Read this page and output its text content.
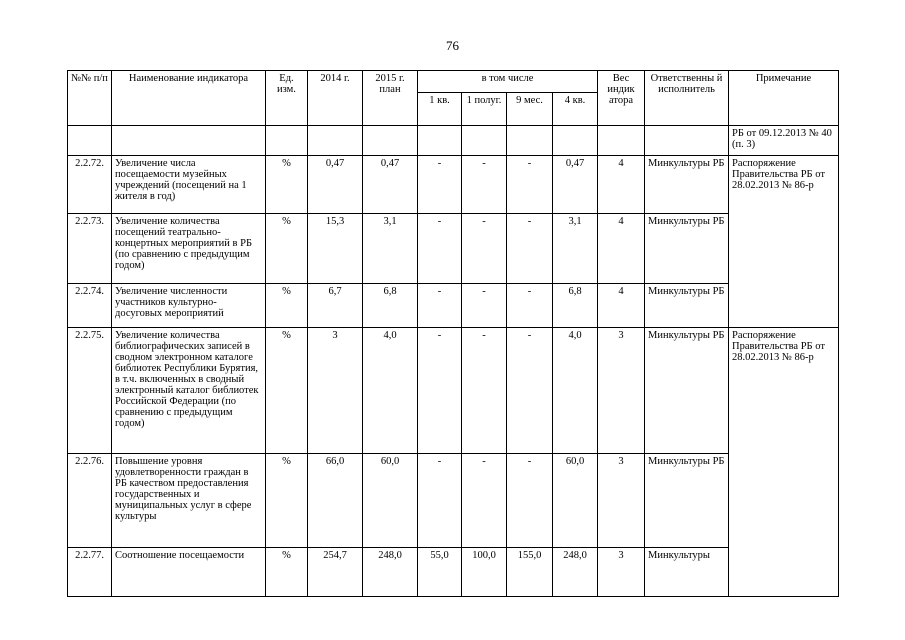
76
№№ п/п	Наименование индикатора	Ед. изм.	2014 г.	2015 г. план	в том числе				Вес индик атора	Ответственны й исполнитель	Примечание	
					1 кв.	1 полуг.	9 мес.	4 кв.				
											РБ от 09.12.2013 № 40 (п. 3)	
2.2.72.	Увеличение числа посещаемости музейных учреждений (посещений на 1 жителя в год)	%	0,47	0,47	-	-	-	0,47	4	Минкультуры РБ	Распоряжение Правительства РБ от 28.02.2013 № 86-р	
2.2.73.	Увеличение количества посещений театрально-концертных мероприятий в РБ (по сравнению с предыдущим годом)	%	15,3	3,1	-	-	-	3,1	4	Минкультуры РБ		
2.2.74.	Увеличение численности участников культурно-досуговых мероприятий	%	6,7	6,8	-	-	-	6,8	4	Минкультуры РБ		
2.2.75.	Увеличение количества библиографических записей в сводном электронном каталоге библиотек Республики Бурятия, в т.ч. включенных в сводный электронный каталог библиотек Российской Федерации (по сравнению с предыдущим годом)	%	3	4,0	-	-	-	4,0	3	Минкультуры РБ	Распоряжение Правительства РБ от 28.02.2013 № 86-р	
2.2.76.	Повышение уровня удовлетворенности граждан в РБ качеством предоставления государственных и муниципальных услуг в сфере культуры	%	66,0	60,0	-	-	-	60,0	3	Минкультуры РБ		
2.2.77.	Соотношение посещаемости	%	254,7	248,0	55,0	100,0	155,0	248,0	3	Минкультуры	
